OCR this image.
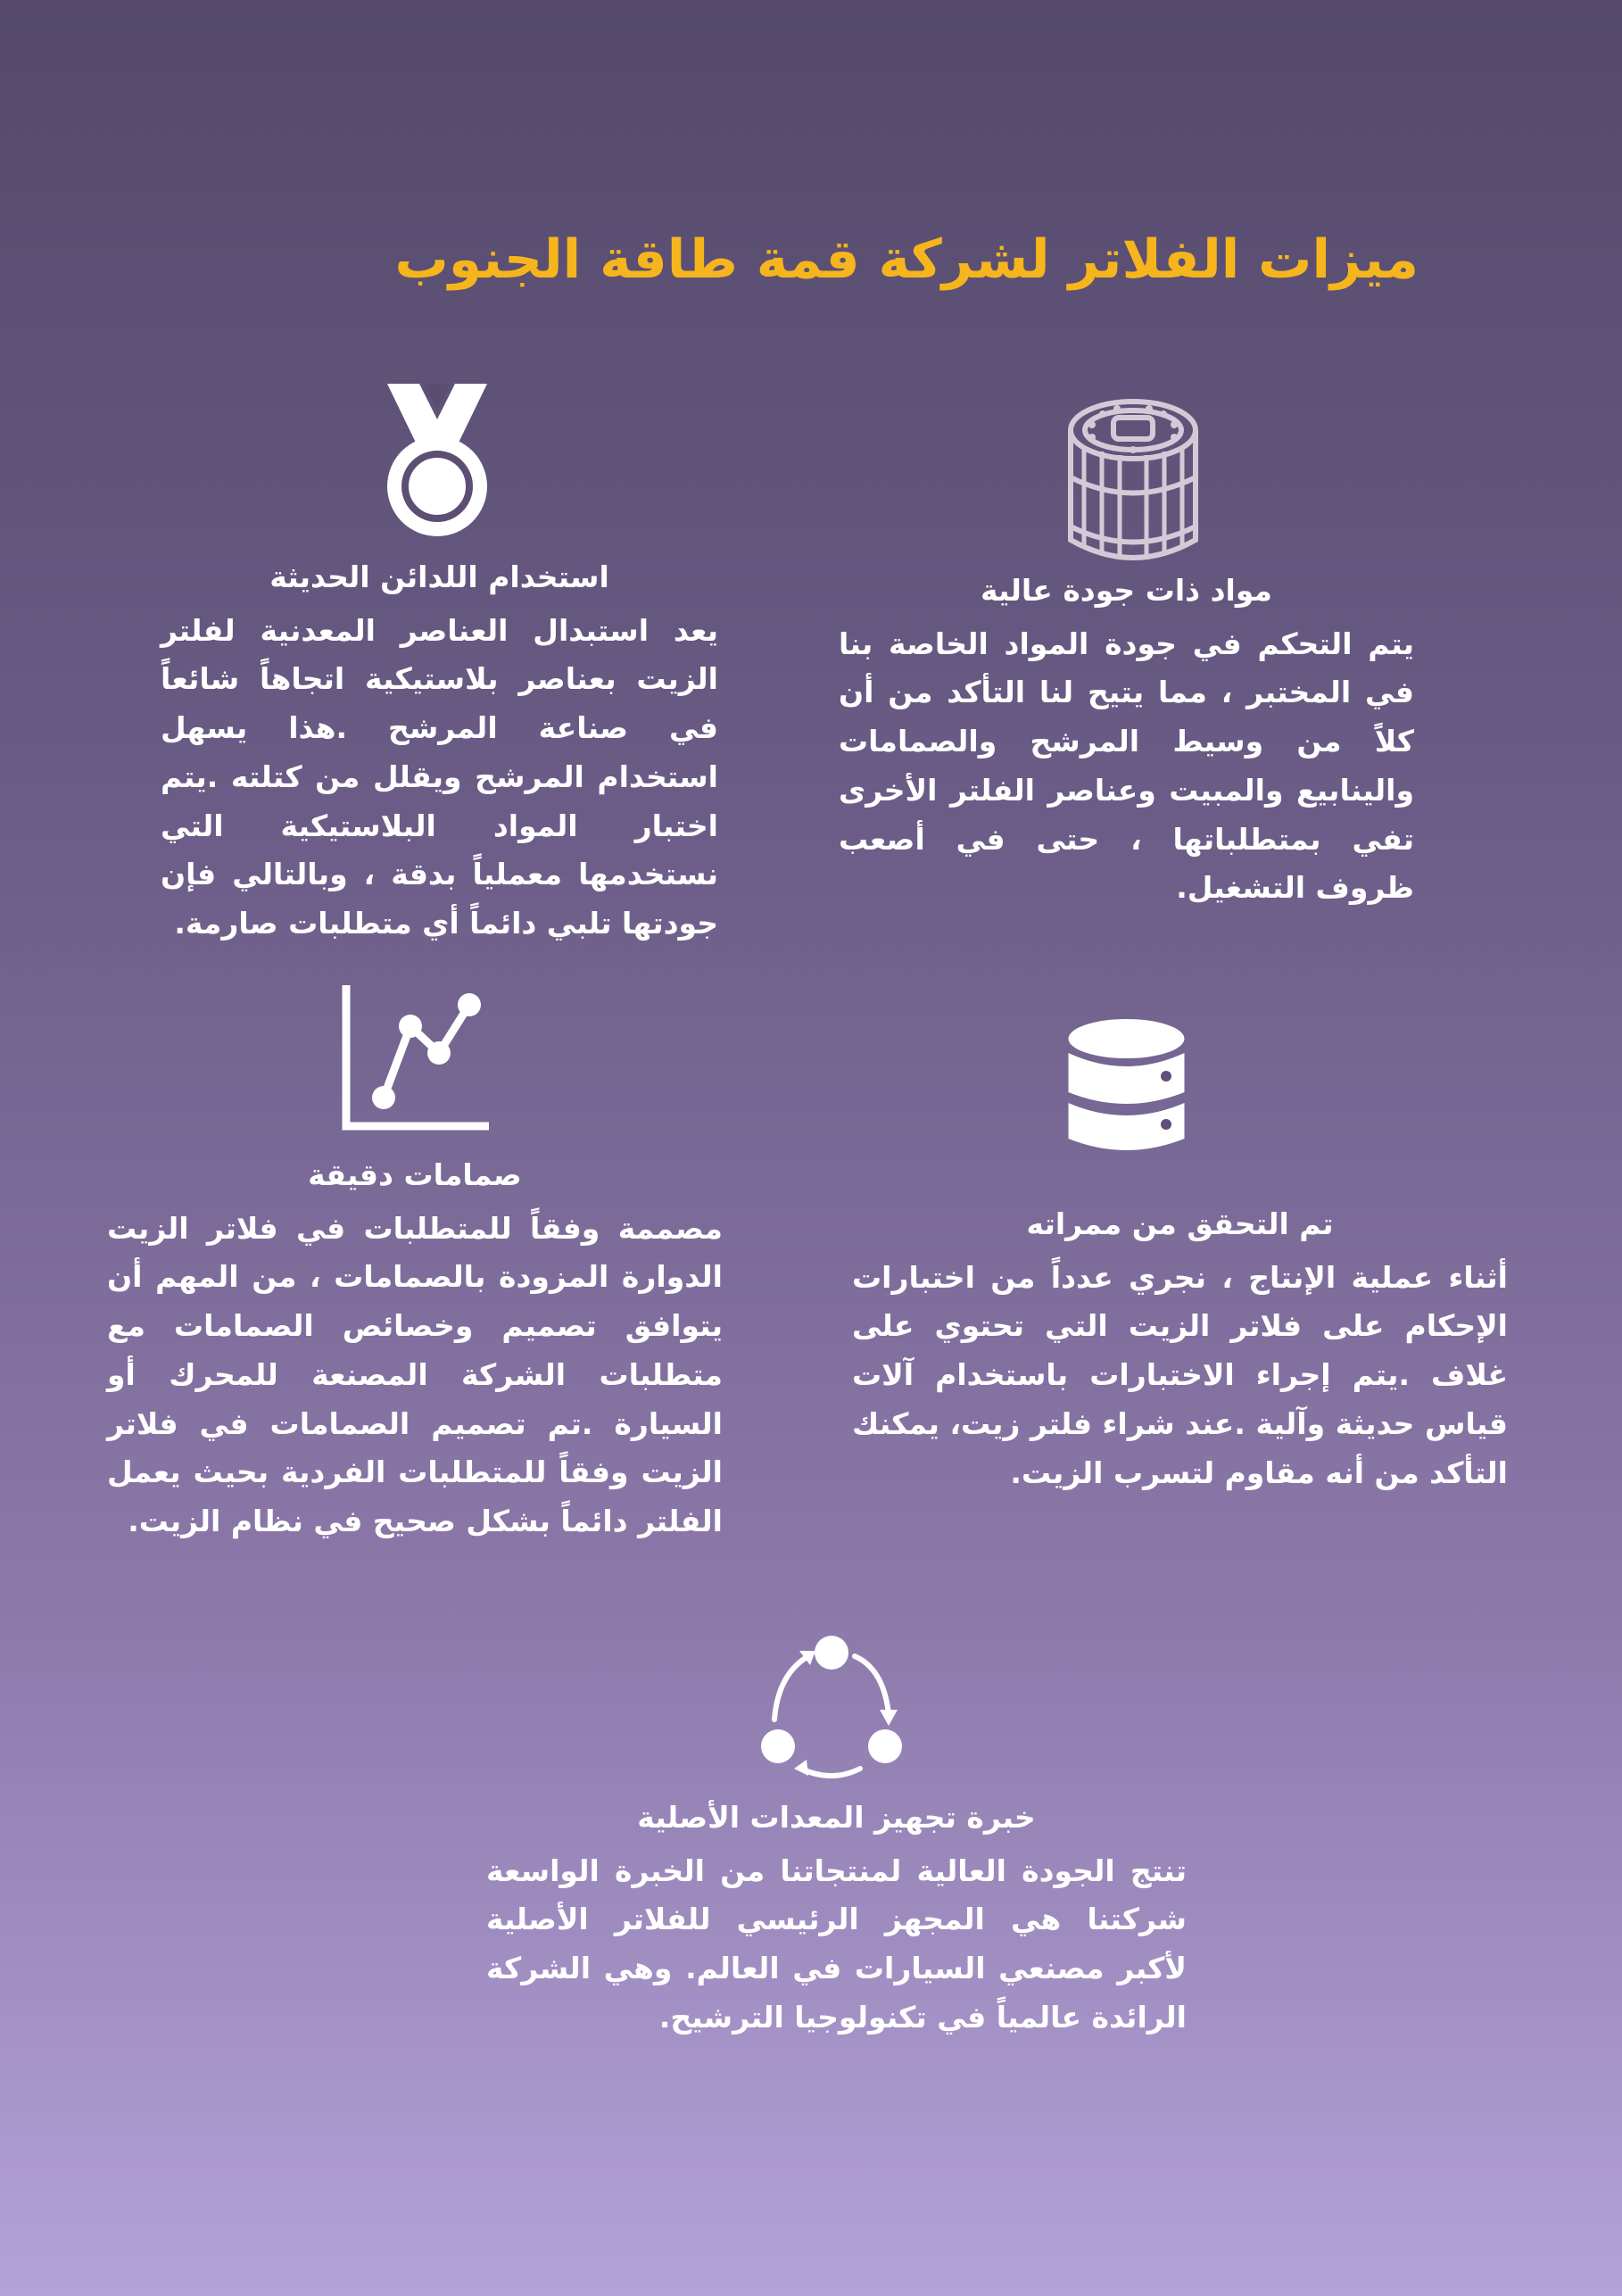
ميزات الفلاتر لشركة قمة طاقة الجنوب
مواد ذات جودة عالية

يتم التحكم في جودة المواد الخاصة بنا في المختبر ، مما يتيح لنا التأكد من أن كلاً من وسيط المرشح والصمامات والينابيع والمبيت وعناصر الفلتر الأخرى تفي بمتطلباتها ، حتى في أصعب ظروف التشغيل.

استخدام اللدائن الحديثة

يعد استبدال العناصر المعدنية لفلتر الزيت بعناصر بلاستيكية اتجاهاً شائعاً في صناعة المرشح .هذا يسهل استخدام المرشح ويقلل من كتلته .يتم اختبار المواد البلاستيكية التي نستخدمها معملياً بدقة ، وبالتالي فإن جودتها تلبي دائماً أي متطلبات صارمة.

تم التحقق من ممراته

أثناء عملية الإنتاج ، نجري عدداً من اختبارات الإحكام على فلاتر الزيت التي تحتوي على غلاف .يتم إجراء الاختبارات باستخدام آلات قياس حديثة وآلية .عند شراء فلتر زيت، يمكنك التأكد من أنه مقاوم لتسرب الزيت.

صمامات دقيقة

مصممة وفقاً للمتطلبات في فلاتر الزيت الدوارة المزودة بالصمامات ، من المهم أن يتوافق تصميم وخصائص الصمامات مع متطلبات الشركة المصنعة للمحرك أو السيارة .تم تصميم الصمامات في فلاتر الزيت وفقاً للمتطلبات الفردية بحيث يعمل الفلتر دائماً بشكل صحيح في نظام الزيت.

خبرة تجهيز المعدات الأصلية

تنتج الجودة العالية لمنتجاتنا من الخبرة الواسعة شركتنا هي المجهز الرئيسي للفلاتر الأصلية لأكبر مصنعي السيارات في العالم. وهي الشركة الرائدة عالمياً في تكنولوجيا الترشيح.
